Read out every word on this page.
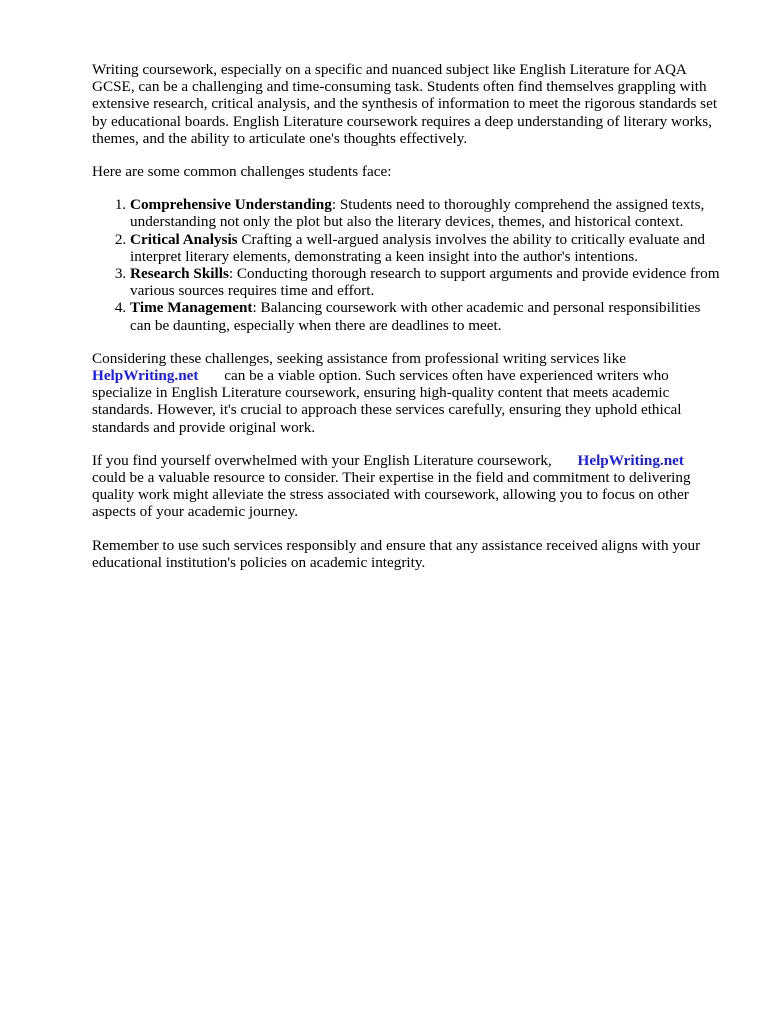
Writing coursework, especially on a specific and nuanced subject like English Literature for AQA GCSE, can be a challenging and time-consuming task. Students often find themselves grappling with extensive research, critical analysis, and the synthesis of information to meet the rigorous standards set by educational boards. English Literature coursework requires a deep understanding of literary works, themes, and the ability to articulate one's thoughts effectively.

Here are some common challenges students face:

1. Comprehensive Understanding: Students need to thoroughly comprehend the assigned texts, understanding not only the plot but also the literary devices, themes, and historical context.
2. Critical Analysis Crafting a well-argued analysis involves the ability to critically evaluate and interpret literary elements, demonstrating a keen insight into the author's intentions.
3. Research Skills: Conducting thorough research to support arguments and provide evidence from various sources requires time and effort.
4. Time Management: Balancing coursework with other academic and personal responsibilities can be daunting, especially when there are deadlines to meet.

Considering these challenges, seeking assistance from professional writing services like
HelpWriting.net can be a viable option. Such services often have experienced writers who specialize in English Literature coursework, ensuring high-quality content that meets academic standards. However, it's crucial to approach these services carefully, ensuring they uphold ethical standards and provide original work.

If you find yourself overwhelmed with your English Literature coursework, HelpWriting.net
could be a valuable resource to consider. Their expertise in the field and commitment to delivering quality work might alleviate the stress associated with coursework, allowing you to focus on other aspects of your academic journey.

Remember to use such services responsibly and ensure that any assistance received aligns with your educational institution's policies on academic integrity.
